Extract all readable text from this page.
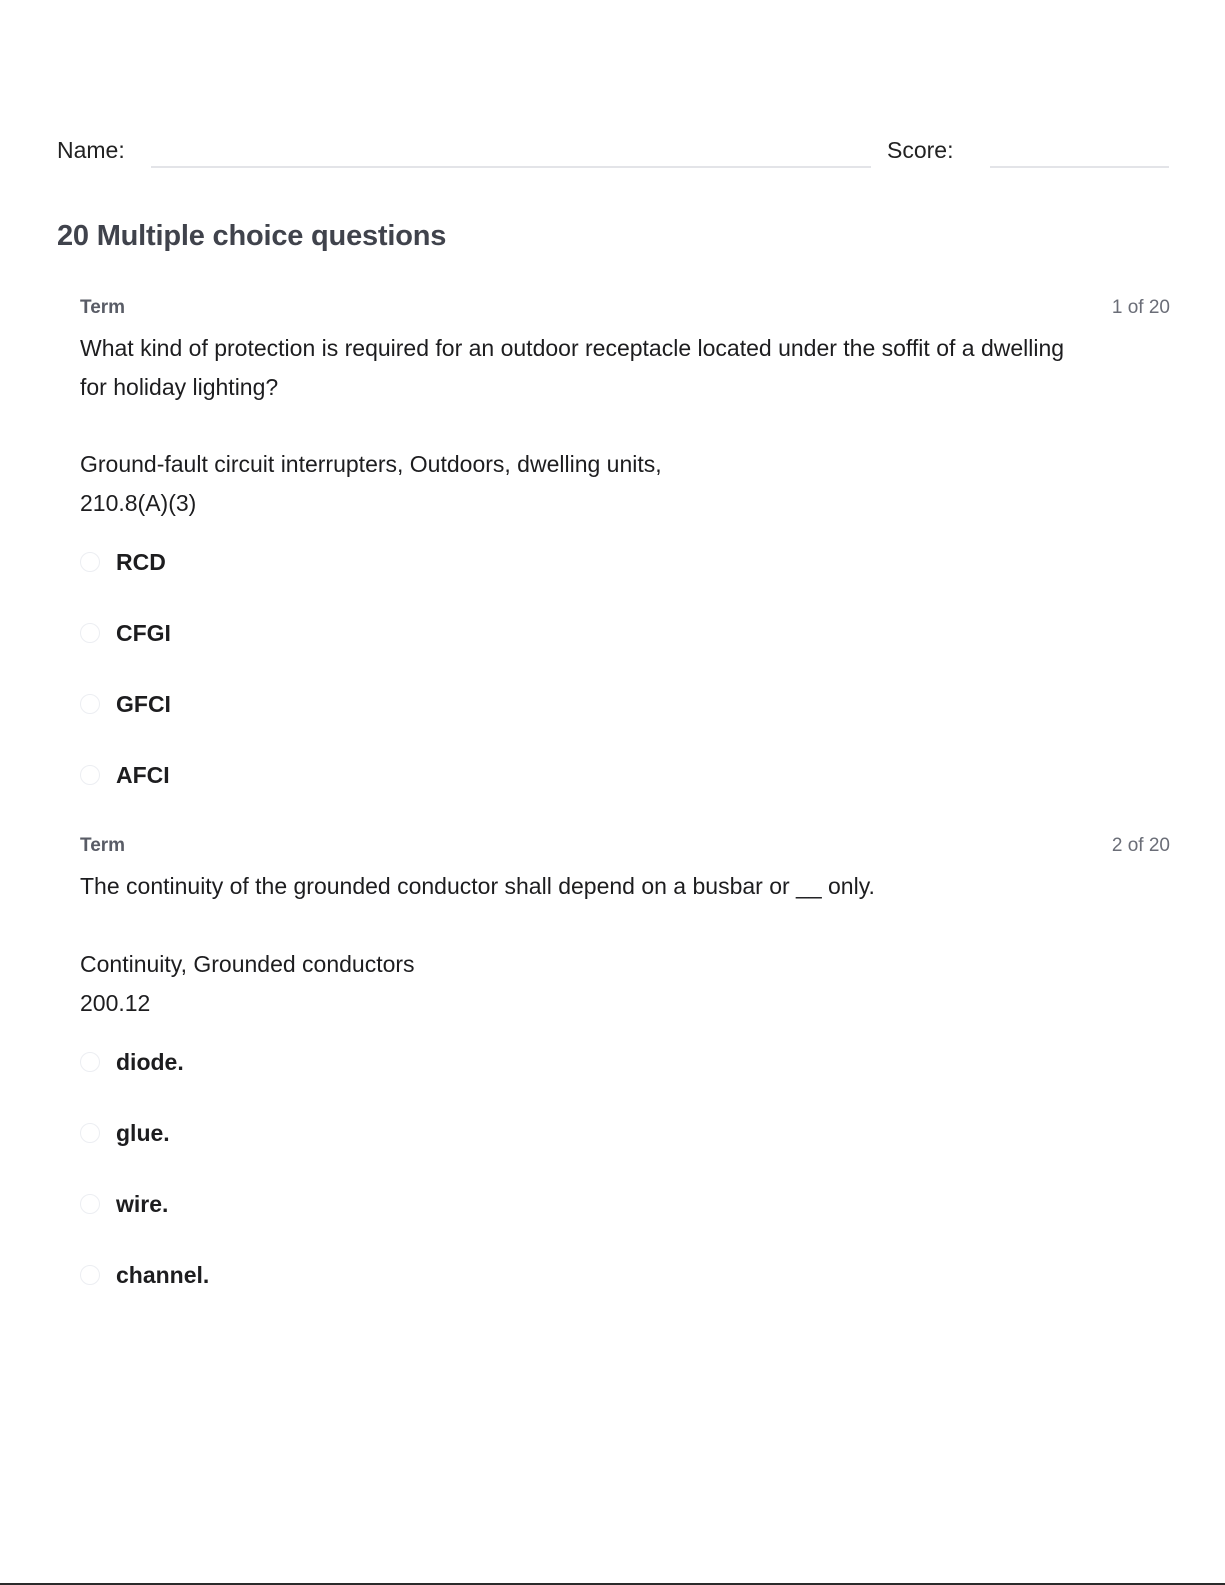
Name:	Score:
20 Multiple choice questions
Term	1 of 20
What kind of protection is required for an outdoor receptacle located under the soffit of a dwelling for holiday lighting?
Ground-fault circuit interrupters, Outdoors, dwelling units,
210.8(A)(3)
RCD
CFGI
GFCI
AFCI
Term	2 of 20
The continuity of the grounded conductor shall depend on a busbar or __ only.
Continuity, Grounded conductors
200.12
diode.
glue.
wire.
channel.
